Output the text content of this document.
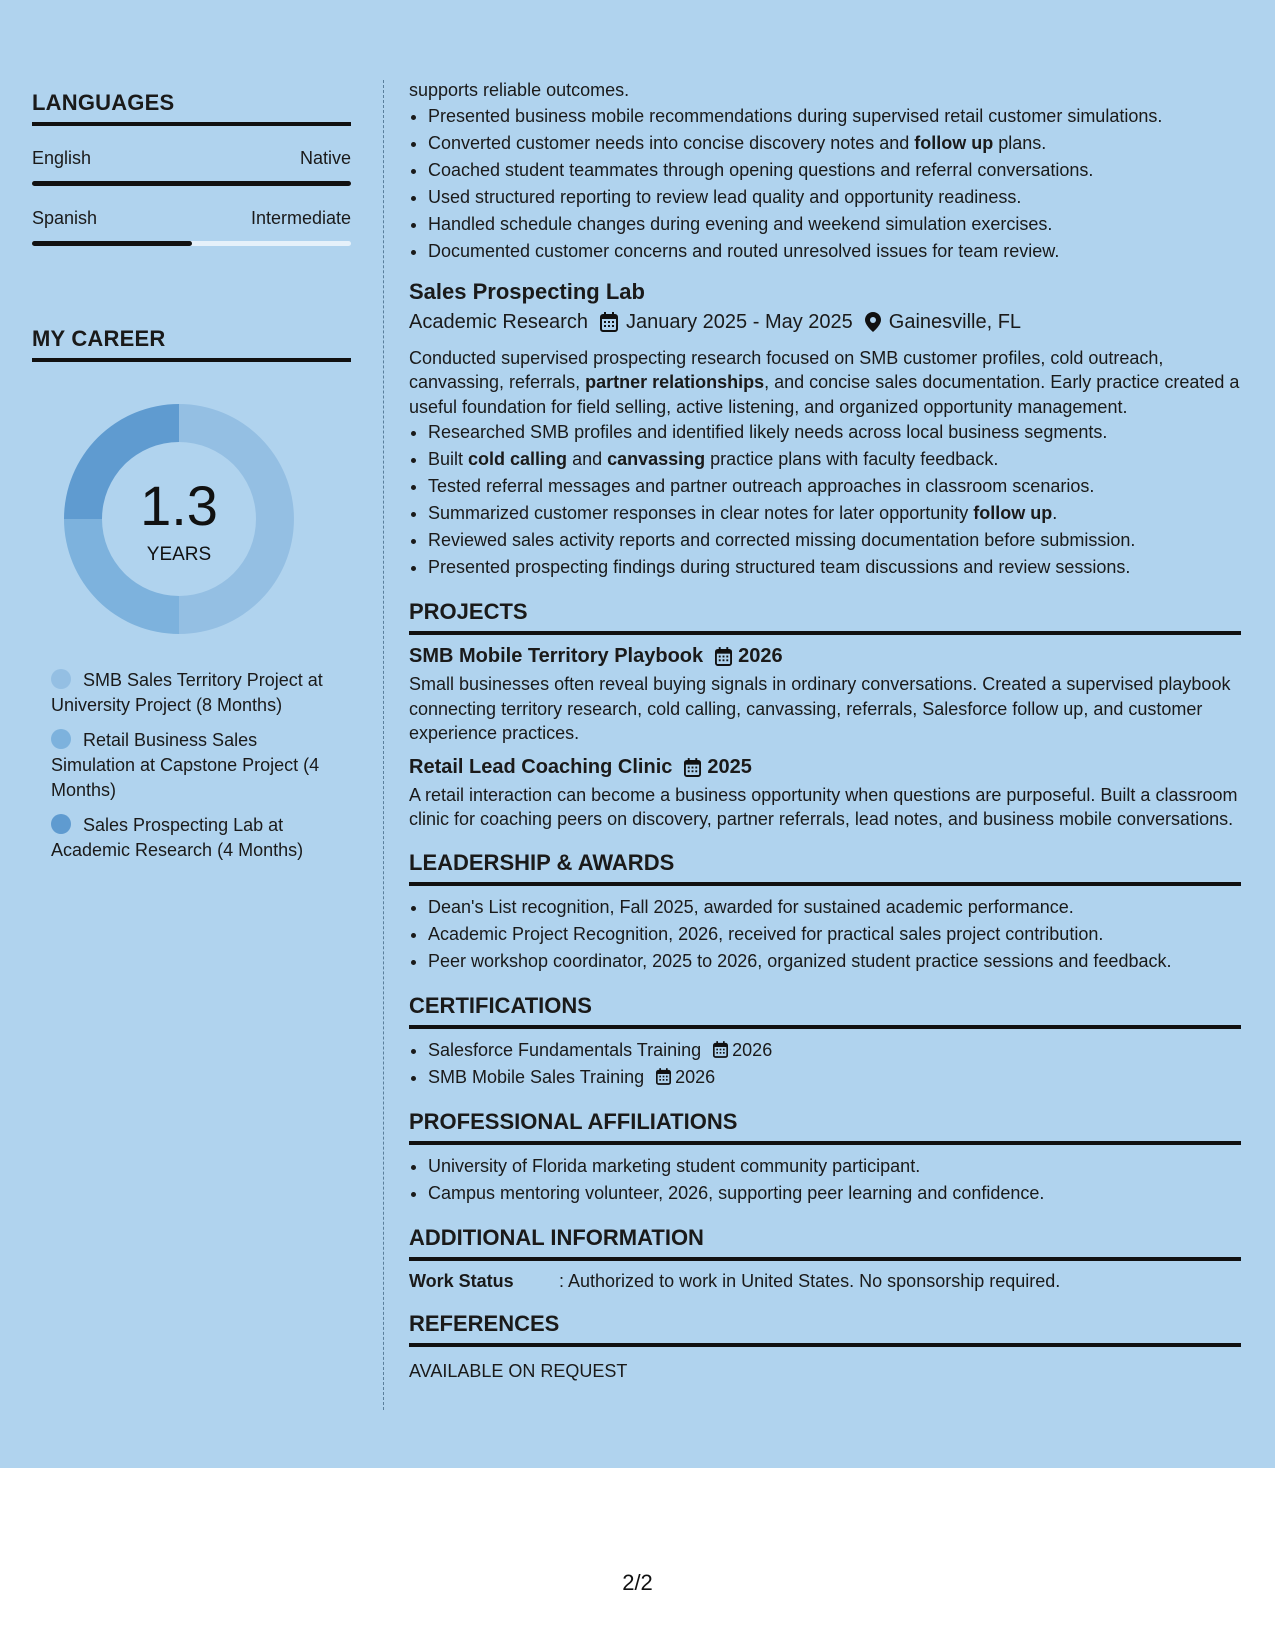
LANGUAGES
English	Native
Spanish	Intermediate
MY CAREER
1.3
YEARS
SMB Sales Territory Project at University Project (8 Months)
Retail Business Sales Simulation at Capstone Project (4 Months)
Sales Prospecting Lab at Academic Research (4 Months)

supports reliable outcomes.

• Presented business mobile recommendations during supervised retail customer simulations.
• Converted customer needs into concise discovery notes and follow up plans.
• Coached student teammates through opening questions and referral conversations.
• Used structured reporting to review lead quality and opportunity readiness.
• Handled schedule changes during evening and weekend simulation exercises.
• Documented customer concerns and routed unresolved issues for team review.
Sales Prospecting Lab
Academic Research January 2025 - May 2025 Gainesville, FL

Conducted supervised prospecting research focused on SMB customer profiles, cold outreach, canvassing, referrals, partner relationships, and concise sales documentation. Early practice created a useful foundation for field selling, active listening, and organized opportunity management.

• Researched SMB profiles and identified likely needs across local business segments.
• Built cold calling and canvassing practice plans with faculty feedback.
• Tested referral messages and partner outreach approaches in classroom scenarios.
• Summarized customer responses in clear notes for later opportunity follow up.
• Reviewed sales activity reports and corrected missing documentation before submission.
• Presented prospecting findings during structured team discussions and review sessions.
PROJECTS
SMB Mobile Territory Playbook 2026

Small businesses often reveal buying signals in ordinary conversations. Created a supervised playbook connecting territory research, cold calling, canvassing, referrals, Salesforce follow up, and customer experience practices.

Retail Lead Coaching Clinic 2025

A retail interaction can become a business opportunity when questions are purposeful. Built a classroom clinic for coaching peers on discovery, partner referrals, lead notes, and business mobile conversations.

LEADERSHIP & AWARDS
• Dean's List recognition, Fall 2025, awarded for sustained academic performance.
• Academic Project Recognition, 2026, received for practical sales project contribution.
• Peer workshop coordinator, 2025 to 2026, organized student practice sessions and feedback.
CERTIFICATIONS
• Salesforce Fundamentals Training 2026
• SMB Mobile Sales Training 2026
PROFESSIONAL AFFILIATIONS
• University of Florida marketing student community participant.
• Campus mentoring volunteer, 2026, supporting peer learning and confidence.
ADDITIONAL INFORMATION
Work Status	: Authorized to work in United States. No sponsorship required.
REFERENCES

AVAILABLE ON REQUEST

2/2
